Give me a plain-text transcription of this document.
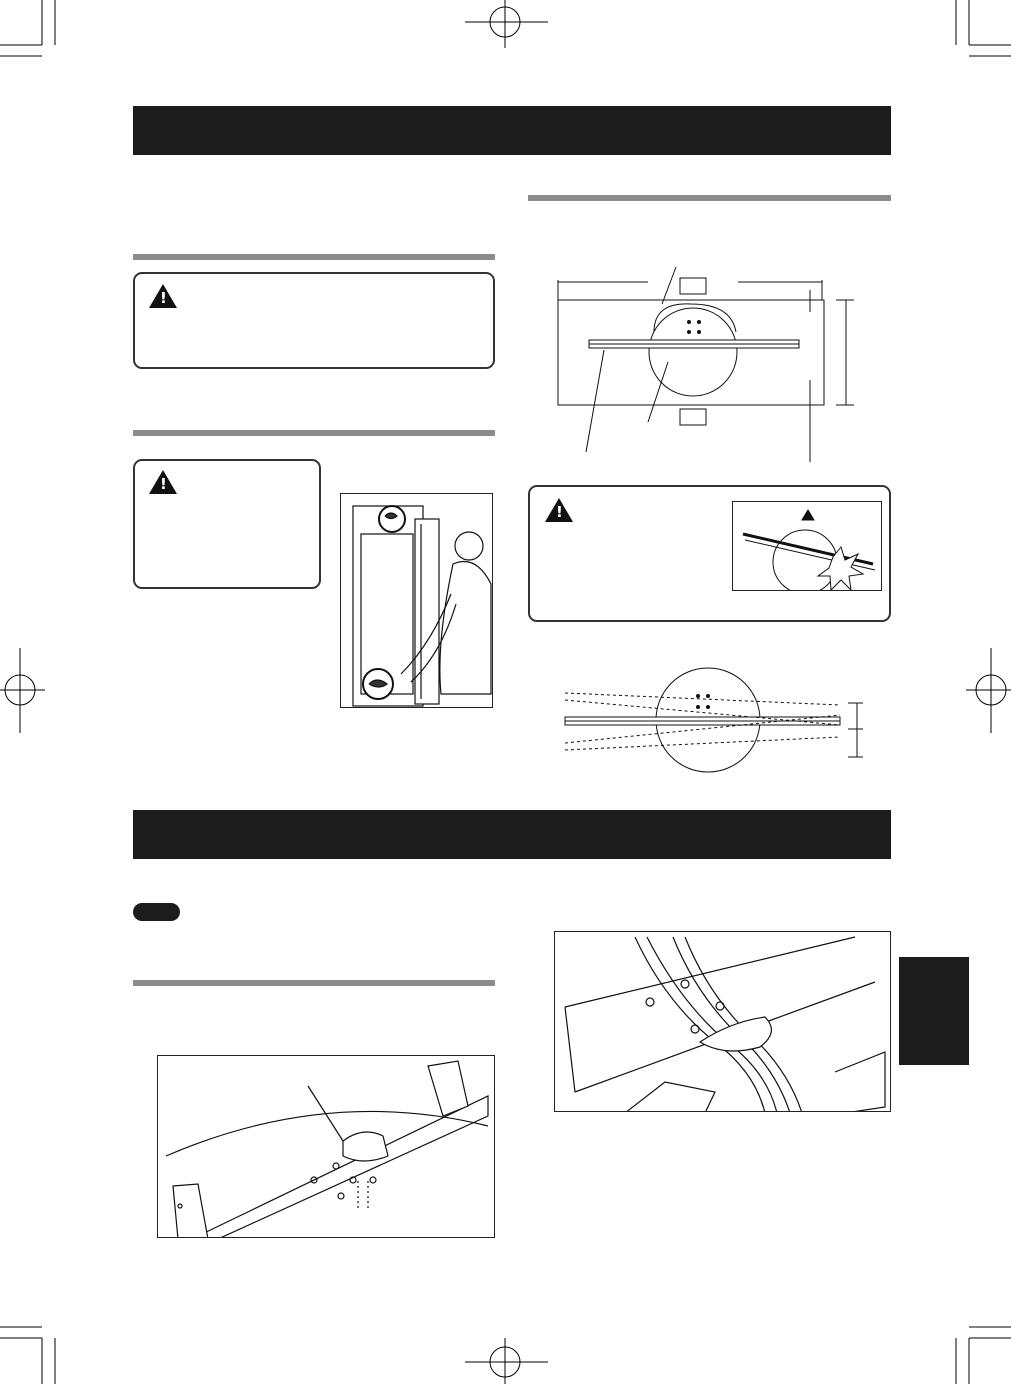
!
!
!
